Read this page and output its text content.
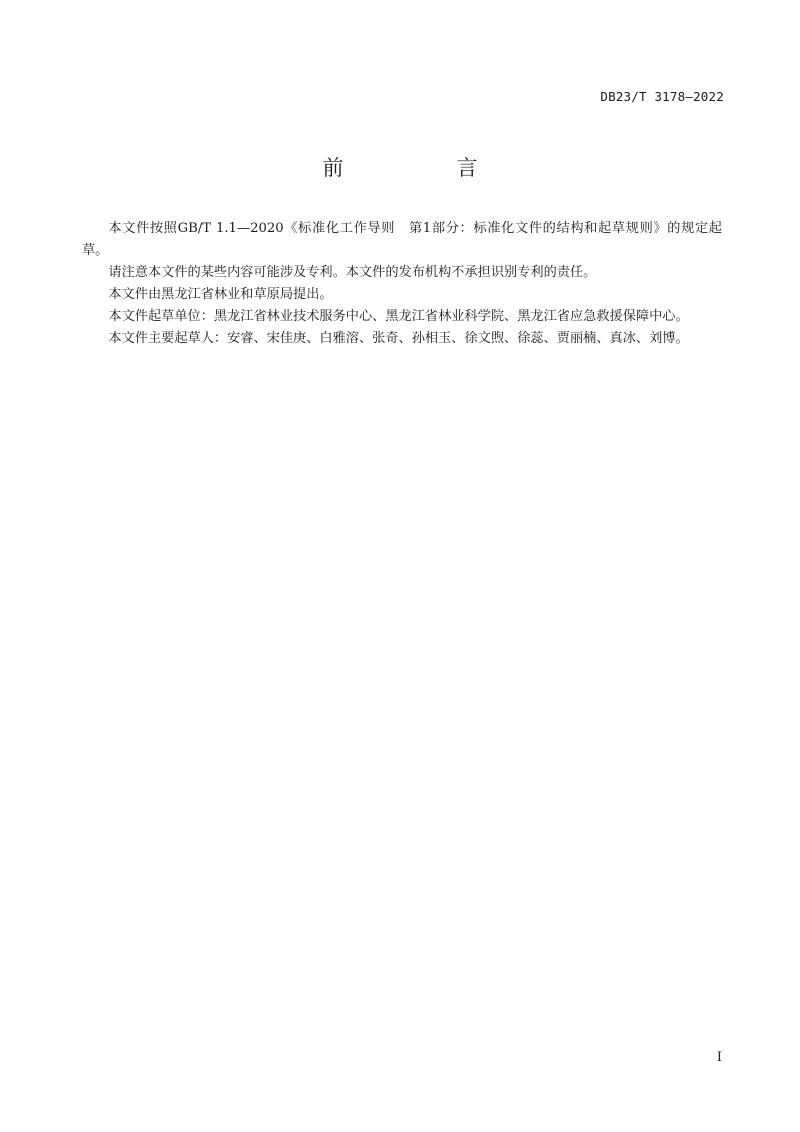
DB23/T 3178—2022
前　言

本文件按照GB/T 1.1—2020《标准化工作导则　第1部分：标准化文件的结构和起草规则》的规定起草。

请注意本文件的某些内容可能涉及专利。本文件的发布机构不承担识别专利的责任。

本文件由黑龙江省林业和草原局提出。

本文件起草单位：黑龙江省林业技术服务中心、黑龙江省林业科学院、黑龙江省应急救援保障中心。

本文件主要起草人：安睿、宋佳庚、白雅溶、张奇、孙相玉、徐文煦、徐蕊、贾丽楠、真冰、刘博。

I
